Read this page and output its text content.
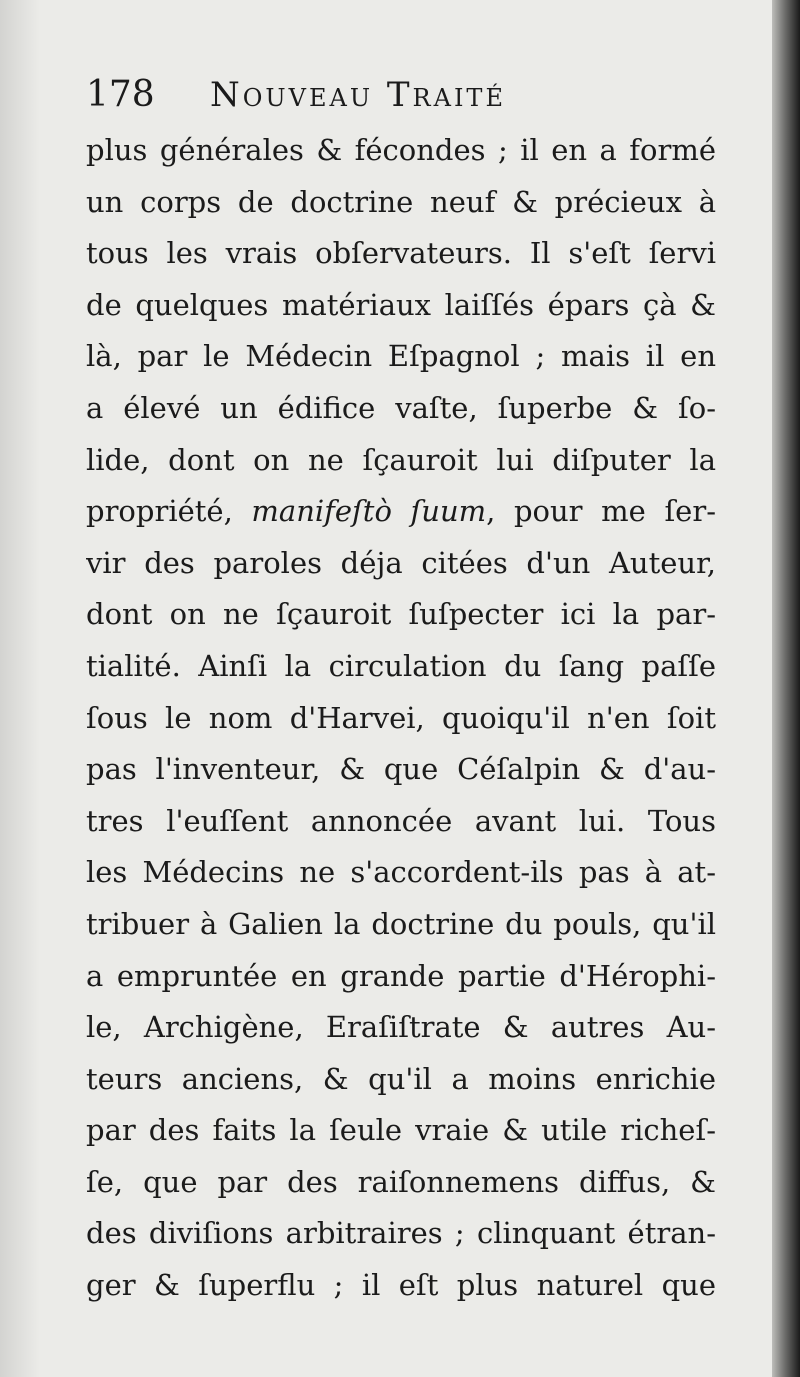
178 Nouveau Traité
plus générales & fécondes ; il en a formé
un corps de doctrine neuf & précieux à
tous les vrais obſervateurs. Il s'eſt ſervi
de quelques matériaux laiſſés épars çà &
là, par le Médecin Eſpagnol ; mais il en
a élevé un édifice vaſte, ſuperbe & ſo-
lide, dont on ne ſçauroit lui diſputer la
propriété, manifeſtò ſuum, pour me ſer-
vir des paroles déja citées d'un Auteur,
dont on ne ſçauroit ſuſpecter ici la par-
tialité. Ainſi la circulation du ſang paſſe
ſous le nom d'Harvei, quoiqu'il n'en ſoit
pas l'inventeur, & que Céſalpin & d'au-
tres l'euſſent annoncée avant lui. Tous
les Médecins ne s'accordent-ils pas à at-
tribuer à Galien la doctrine du pouls, qu'il
a empruntée en grande partie d'Hérophi-
le, Archigène, Eraſiſtrate & autres Au-
teurs anciens, & qu'il a moins enrichie
par des faits la ſeule vraie & utile richeſ-
ſe, que par des raiſonnemens diffus, &
des diviſions arbitraires ; clinquant étran-
ger & ſuperflu ; il eſt plus naturel que
